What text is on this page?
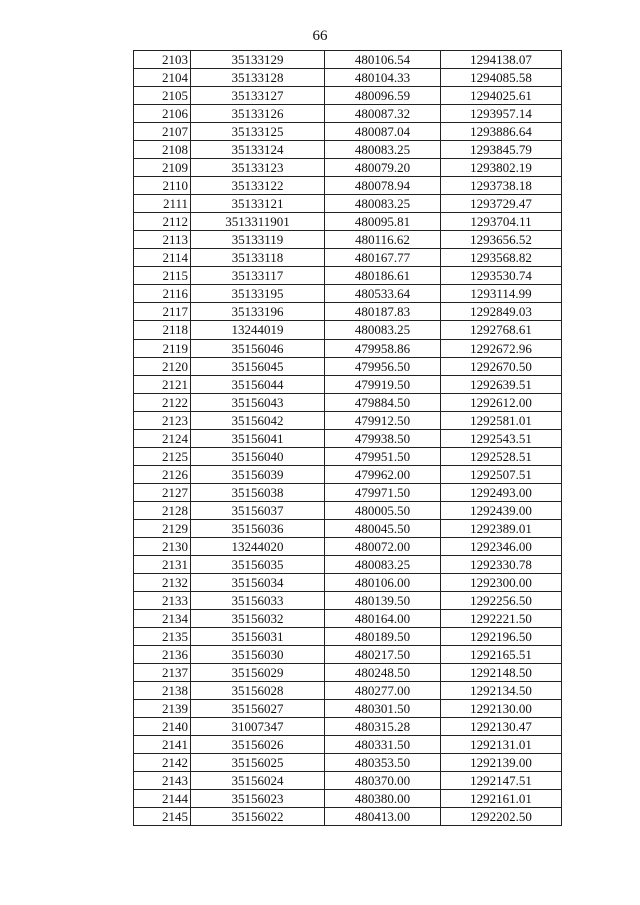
66
2103	35133129	480106.54	1294138.07
2104	35133128	480104.33	1294085.58
2105	35133127	480096.59	1294025.61
2106	35133126	480087.32	1293957.14
2107	35133125	480087.04	1293886.64
2108	35133124	480083.25	1293845.79
2109	35133123	480079.20	1293802.19
2110	35133122	480078.94	1293738.18
2111	35133121	480083.25	1293729.47
2112	3513311901	480095.81	1293704.11
2113	35133119	480116.62	1293656.52
2114	35133118	480167.77	1293568.82
2115	35133117	480186.61	1293530.74
2116	35133195	480533.64	1293114.99
2117	35133196	480187.83	1292849.03
2118	13244019	480083.25	1292768.61
2119	35156046	479958.86	1292672.96
2120	35156045	479956.50	1292670.50
2121	35156044	479919.50	1292639.51
2122	35156043	479884.50	1292612.00
2123	35156042	479912.50	1292581.01
2124	35156041	479938.50	1292543.51
2125	35156040	479951.50	1292528.51
2126	35156039	479962.00	1292507.51
2127	35156038	479971.50	1292493.00
2128	35156037	480005.50	1292439.00
2129	35156036	480045.50	1292389.01
2130	13244020	480072.00	1292346.00
2131	35156035	480083.25	1292330.78
2132	35156034	480106.00	1292300.00
2133	35156033	480139.50	1292256.50
2134	35156032	480164.00	1292221.50
2135	35156031	480189.50	1292196.50
2136	35156030	480217.50	1292165.51
2137	35156029	480248.50	1292148.50
2138	35156028	480277.00	1292134.50
2139	35156027	480301.50	1292130.00
2140	31007347	480315.28	1292130.47
2141	35156026	480331.50	1292131.01
2142	35156025	480353.50	1292139.00
2143	35156024	480370.00	1292147.51
2144	35156023	480380.00	1292161.01
2145	35156022	480413.00	1292202.50
